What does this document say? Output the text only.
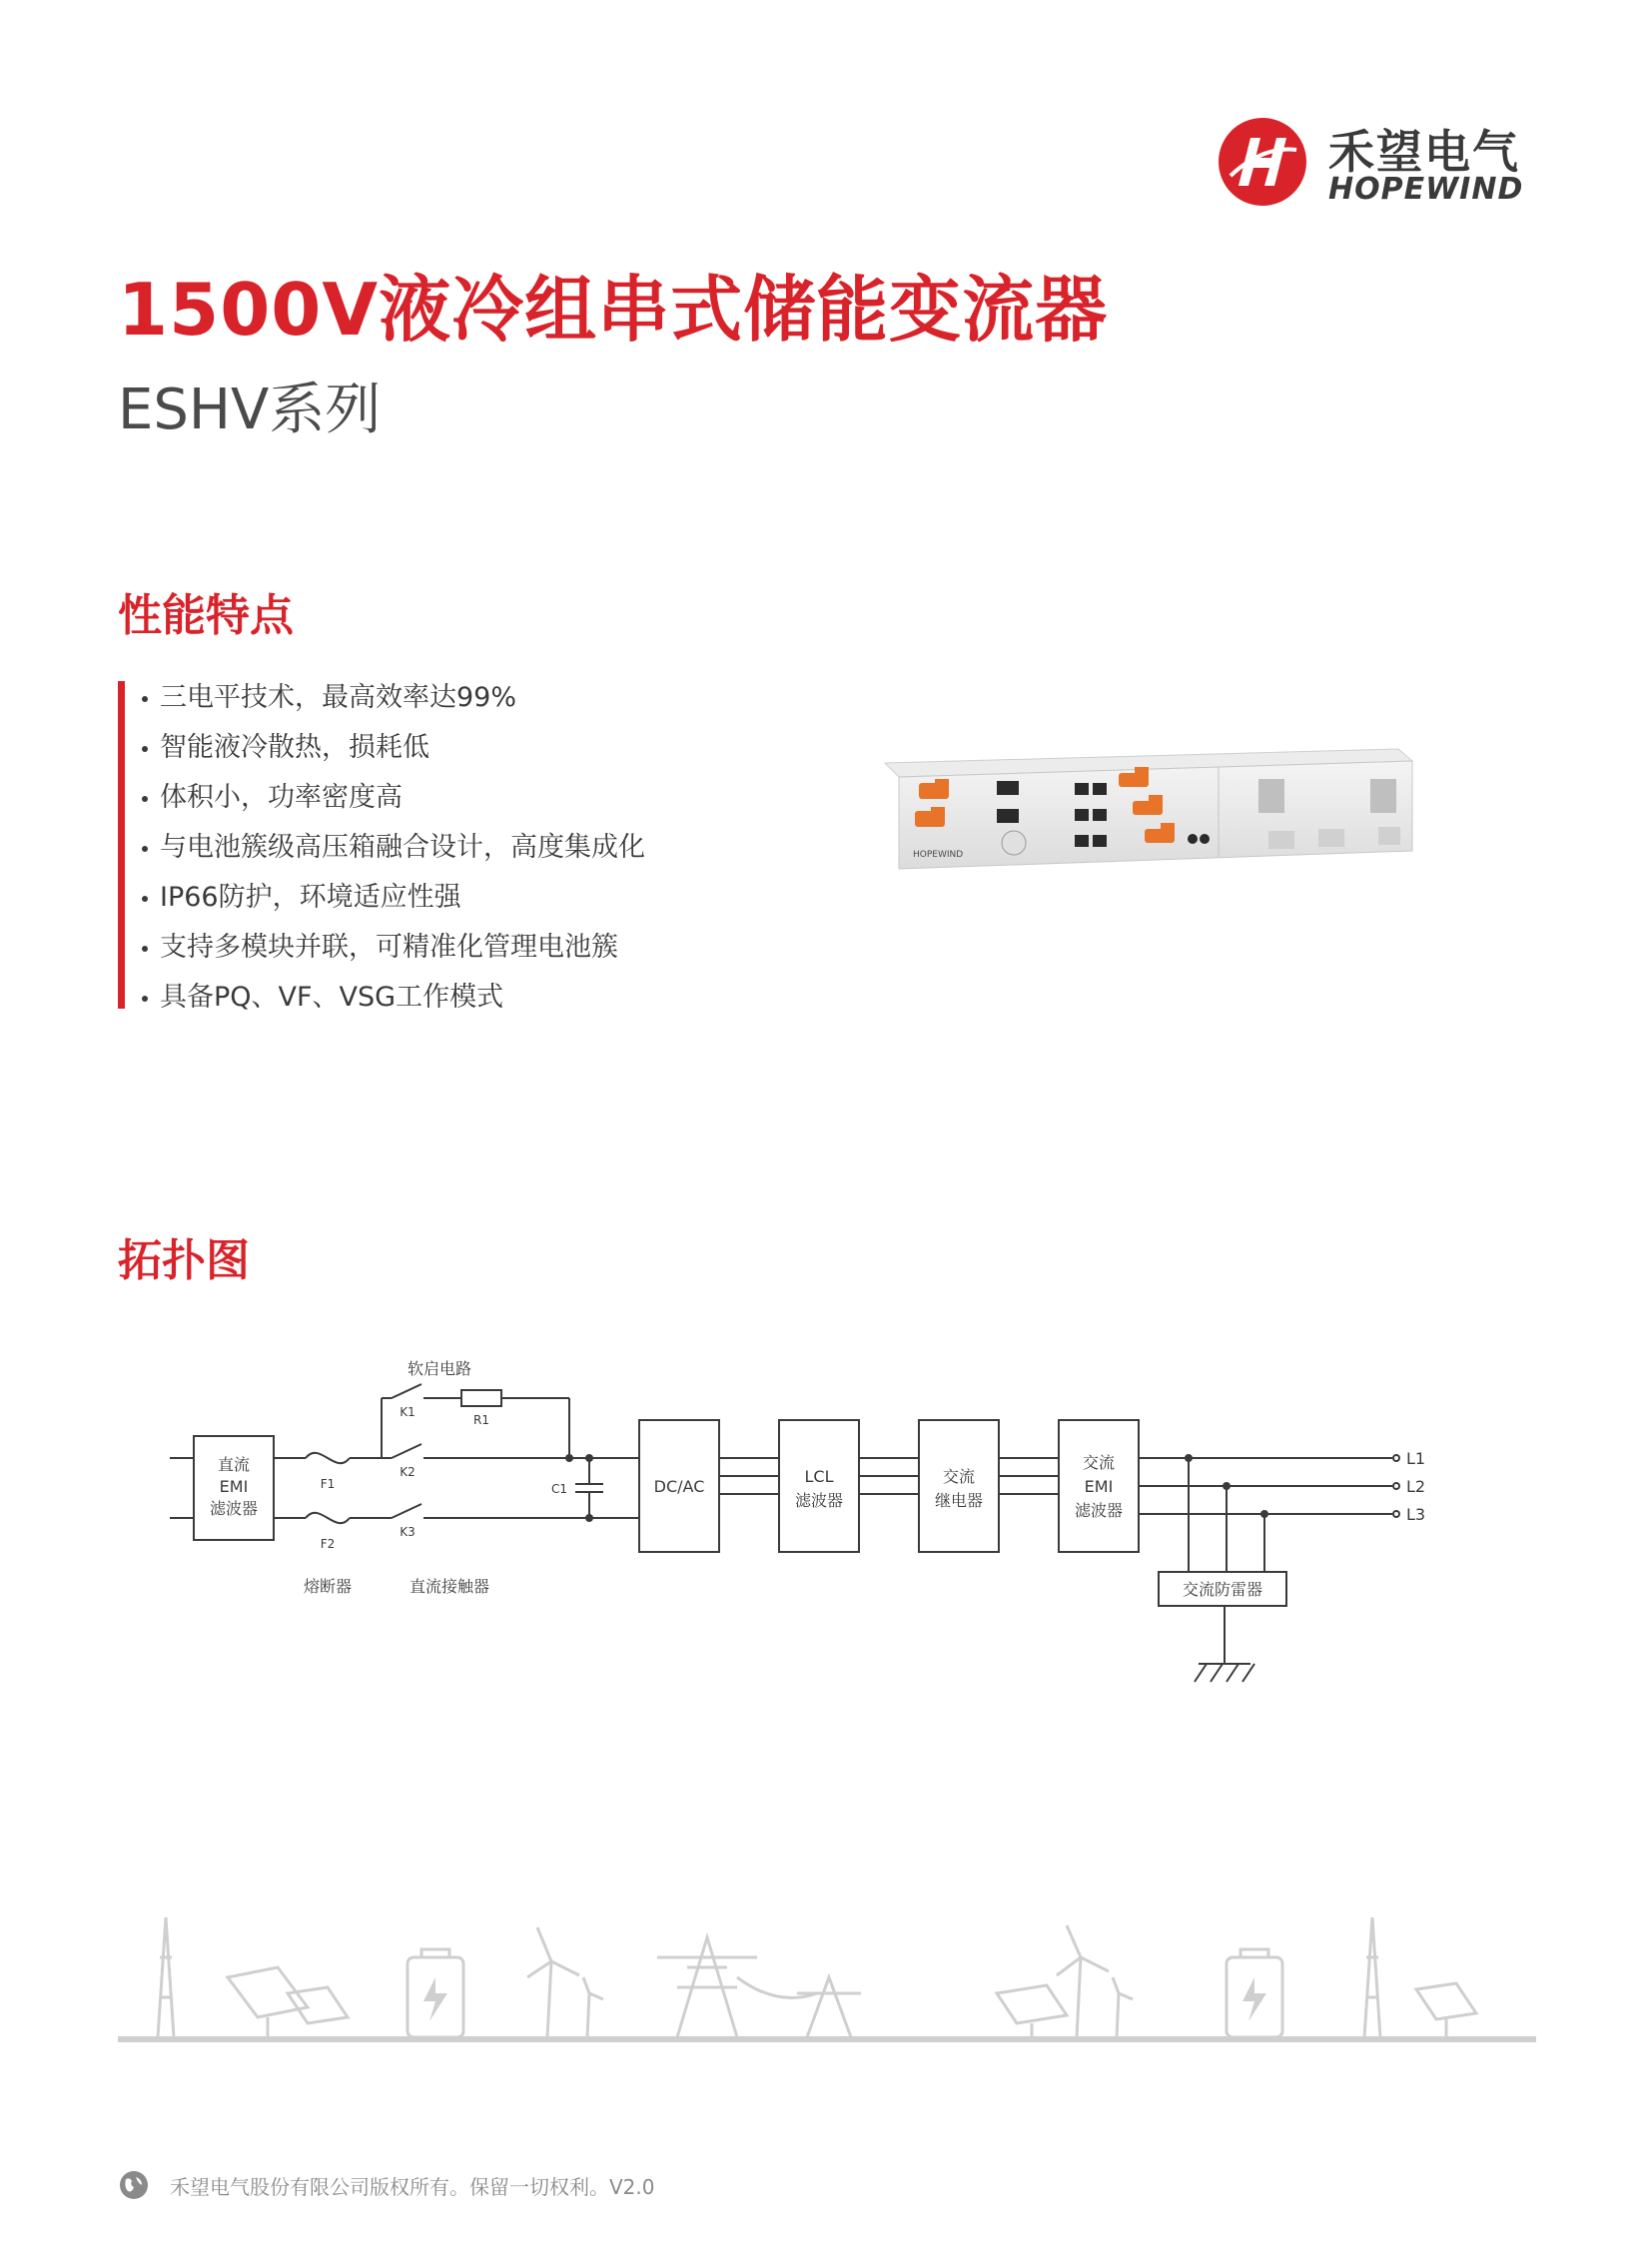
禾望电气
HOPEWIND
1500V液冷组串式储能变流器
ESHV系列
性能特点
三电平技术，最高效率达99%
智能液冷散热，损耗低
体积小，功率密度高
与电池簇级高压箱融合设计，高度集成化
IP66防护，环境适应性强
支持多模块并联，可精准化管理电池簇
具备PQ、VF、VSG工作模式
HOPEWIND
拓扑图
直流
EMI
滤波器
DC/AC
LCL
滤波器
交流
继电器
交流
EMI
滤波器
交流防雷器
软启电路
熔断器	直流接触器
F1
F2
K1
K2
K3
R1
C1
L1
L2
L3
禾望电气股份有限公司版权所有。保留一切权利。V2.0
